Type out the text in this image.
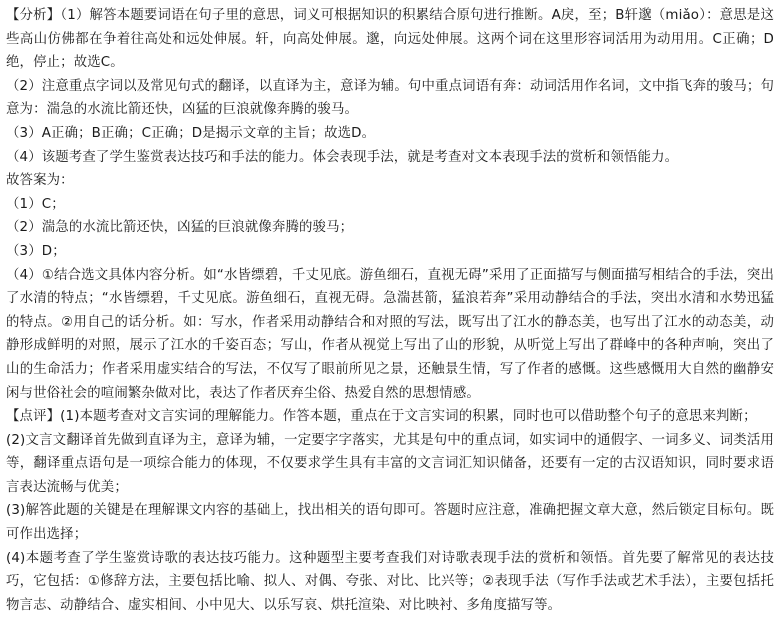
【分析】（1）解答本题要词语在句子里的意思，词义可根据知识的积累结合原句进行推断。A戾，至；B轩邈（miǎo）：意思是这些高山仿佛都在争着往高处和远处伸展。轩，向高处伸展。邈，向远处伸展。这两个词在这里形容词活用为动用用。C正确；D绝，停止；故选C。

（2）注意重点字词以及常见句式的翻译，以直译为主，意译为辅。句中重点词语有奔：动词活用作名词，文中指飞奔的骏马；句意为：湍急的水流比箭还快，凶猛的巨浪就像奔腾的骏马。

（3）A正确；B正确；C正确；D是揭示文章的主旨；故选D。

（4）该题考查了学生鉴赏表达技巧和手法的能力。体会表现手法，就是考查对文本表现手法的赏析和领悟能力。

故答案为：

（1）C；

（2）湍急的水流比箭还快，凶猛的巨浪就像奔腾的骏马；

（3）D；

（4）①结合选文具体内容分析。如“水皆缥碧，千丈见底。游鱼细石，直视无碍”采用了正面描写与侧面描写相结合的手法，突出了水清的特点；“水皆缥碧，千丈见底。游鱼细石，直视无碍。急湍甚箭，猛浪若奔”采用动静结合的手法，突出水清和水势迅猛的特点。②用自己的话分析。如：写水，作者采用动静结合和对照的写法，既写出了江水的静态美，也写出了江水的动态美，动静形成鲜明的对照，展示了江水的千姿百态；写山，作者从视觉上写出了山的形貌，从听觉上写出了群峰中的各种声响，突出了山的生命活力；作者采用虚实结合的写法，不仅写了眼前所见之景，还触景生情，写了作者的感慨。这些感慨用大自然的幽静安闲与世俗社会的喧闹繁杂做对比，表达了作者厌弃尘俗、热爱自然的思想情感。

【点评】(1)本题考查对文言实词的理解能力。作答本题，重点在于文言实词的积累，同时也可以借助整个句子的意思来判断；

(2)文言文翻译首先做到直译为主，意译为辅，一定要字字落实，尤其是句中的重点词，如实词中的通假字、一词多义、词类活用等，翻译重点语句是一项综合能力的体现，不仅要求学生具有丰富的文言词汇知识储备，还要有一定的古汉语知识，同时要求语言表达流畅与优美；

(3)解答此题的关键是在理解课文内容的基础上，找出相关的语句即可。答题时应注意，准确把握文章大意，然后锁定目标句。既可作出选择；

(4)本题考查了学生鉴赏诗歌的表达技巧能力。这种题型主要考查我们对诗歌表现手法的赏析和领悟。首先要了解常见的表达技巧，它包括：①修辞方法，主要包括比喻、拟人、对偶、夸张、对比、比兴等；②表现手法（写作手法或艺术手法），主要包括托物言志、动静结合、虚实相间、小中见大、以乐写哀、烘托渲染、对比映衬、多角度描写等。
